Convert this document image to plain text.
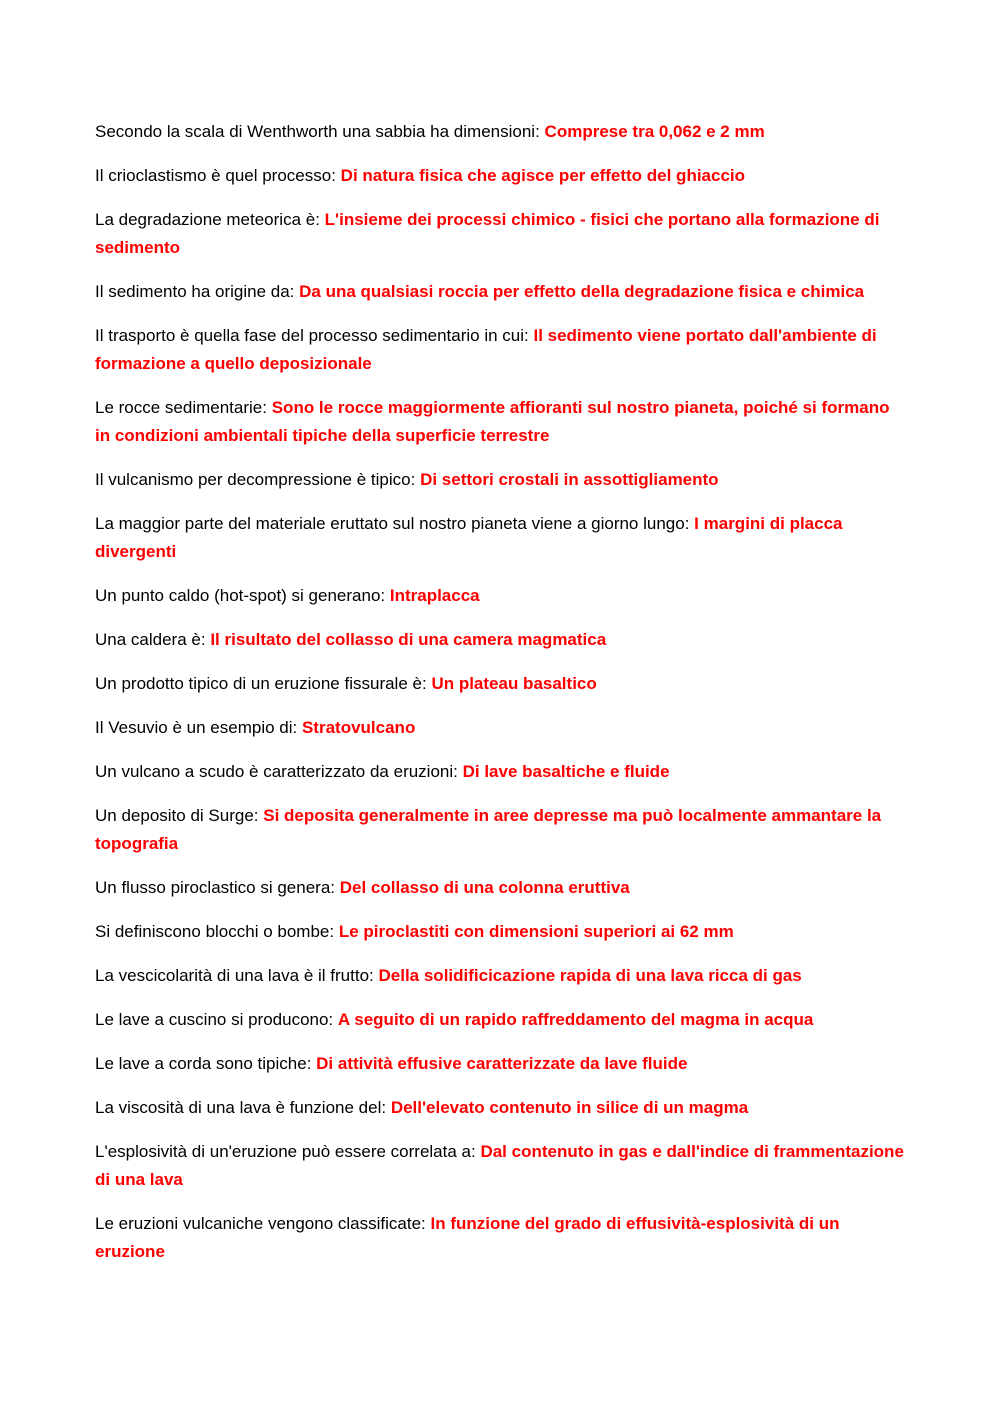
Secondo la scala di Wenthworth una sabbia ha dimensioni: Comprese tra 0,062 e 2 mm
Il crioclastismo è quel processo: Di natura fisica che agisce per effetto del ghiaccio
La degradazione meteorica è: L'insieme dei processi chimico - fisici che portano alla formazione di sedimento
Il sedimento ha origine da: Da una qualsiasi roccia per effetto della degradazione fisica e chimica
Il trasporto è quella fase del processo sedimentario in cui: Il sedimento viene portato dall'ambiente di formazione a quello deposizionale
Le rocce sedimentarie: Sono le rocce maggiormente affioranti sul nostro pianeta, poiché si formano in condizioni ambientali tipiche della superficie terrestre
Il vulcanismo per decompressione è tipico: Di settori crostali in assottigliamento
La maggior parte del materiale eruttato sul nostro pianeta viene a giorno lungo: I margini di placca divergenti
Un punto caldo (hot-spot) si generano: Intraplacca
Una caldera è: Il risultato del collasso di una camera magmatica
Un prodotto tipico di un eruzione fissurale è: Un plateau basaltico
Il Vesuvio è un esempio di: Stratovulcano
Un vulcano a scudo è caratterizzato da eruzioni: Di lave basaltiche e fluide
Un deposito di Surge: Si deposita generalmente in aree depresse ma può localmente ammantare la topografia
Un flusso piroclastico si genera: Del collasso di una colonna eruttiva
Si definiscono blocchi o bombe: Le piroclastiti con dimensioni superiori ai 62 mm
La vescicolarità di una lava è il frutto: Della solidificicazione rapida di una lava ricca di gas
Le lave a cuscino si producono: A seguito di un rapido raffreddamento del magma in acqua
Le lave a corda sono tipiche: Di attività effusive caratterizzate da lave fluide
La viscosità di una lava è funzione del: Dell'elevato contenuto in silice di un magma
L'esplosività di un'eruzione può essere correlata a: Dal contenuto in gas e dall'indice di frammentazione di una lava
Le eruzioni vulcaniche vengono classificate: In funzione del grado di effusività-esplosività di un eruzione
